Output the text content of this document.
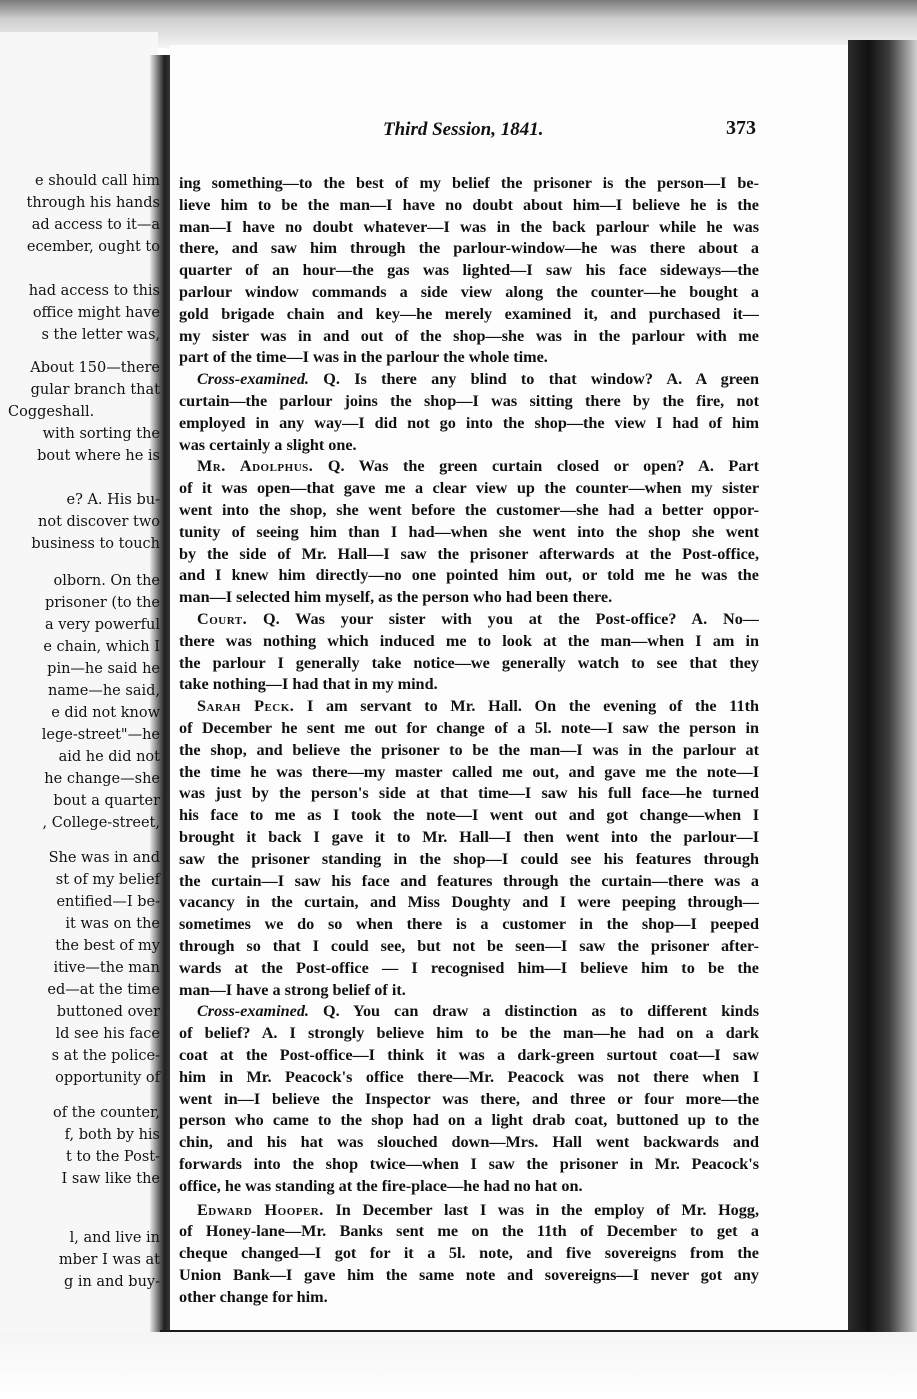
Third Session, 1841.	373
ing something—to the best of my belief the prisoner is the person—I be-
lieve him to be the man—I have no doubt about him—I believe he is the
man—I have no doubt whatever—I was in the back parlour while he was
there, and saw him through the parlour-window—he was there about a
quarter of an hour—the gas was lighted—I saw his face sideways—the
parlour window commands a side view along the counter—he bought a
gold brigade chain and key—he merely examined it, and purchased it—
my sister was in and out of the shop—she was in the parlour with me
part of the time—I was in the parlour the whole time.
Cross-examined. Q. Is there any blind to that window? A. A green
curtain—the parlour joins the shop—I was sitting there by the fire, not
employed in any way—I did not go into the shop—the view I had of him
was certainly a slight one.
Mr. Adolphus. Q. Was the green curtain closed or open? A. Part
of it was open—that gave me a clear view up the counter—when my sister
went into the shop, she went before the customer—she had a better oppor-
tunity of seeing him than I had—when she went into the shop she went
by the side of Mr. Hall—I saw the prisoner afterwards at the Post-office,
and I knew him directly—no one pointed him out, or told me he was the
man—I selected him myself, as the person who had been there.
Court. Q. Was your sister with you at the Post-office? A. No—
there was nothing which induced me to look at the man—when I am in
the parlour I generally take notice—we generally watch to see that they
take nothing—I had that in my mind.
Sarah Peck. I am servant to Mr. Hall. On the evening of the 11th
of December he sent me out for change of a 5l. note—I saw the person in
the shop, and believe the prisoner to be the man—I was in the parlour at
the time he was there—my master called me out, and gave me the note—I
was just by the person's side at that time—I saw his full face—he turned
his face to me as I took the note—I went out and got change—when I
brought it back I gave it to Mr. Hall—I then went into the parlour—I
saw the prisoner standing in the shop—I could see his features through
the curtain—I saw his face and features through the curtain—there was a
vacancy in the curtain, and Miss Doughty and I were peeping through—
sometimes we do so when there is a customer in the shop—I peeped
through so that I could see, but not be seen—I saw the prisoner after-
wards at the Post-office — I recognised him—I believe him to be the
man—I have a strong belief of it.
Cross-examined. Q. You can draw a distinction as to different kinds
of belief? A. I strongly believe him to be the man—he had on a dark
coat at the Post-office—I think it was a dark-green surtout coat—I saw
him in Mr. Peacock's office there—Mr. Peacock was not there when I
went in—I believe the Inspector was there, and three or four more—the
person who came to the shop had on a light drab coat, buttoned up to the
chin, and his hat was slouched down—Mrs. Hall went backwards and
forwards into the shop twice—when I saw the prisoner in Mr. Peacock's
office, he was standing at the fire-place—he had no hat on.
Edward Hooper. In December last I was in the employ of Mr. Hogg,
of Honey-lane—Mr. Banks sent me on the 11th of December to get a
cheque changed—I got for it a 5l. note, and five sovereigns from the
Union Bank—I gave him the same note and sovereigns—I never got any
other change for him.
e should call him
through his hands
ad access to it—a
ecember, ought to
had access to this
office might have
s the letter was,
About 150—there
gular branch that
Coggeshall.
with sorting the
bout where he is
e? A. His bu-
not discover two
business to touch
olborn. On the
prisoner (to the
a very powerful
e chain, which I
pin—he said he
name—he said,
e did not know
lege-street"—he
aid he did not
he change—she
bout a quarter
, College-street,
She was in and
st of my belief
entified—I be-
it was on the
the best of my
itive—the man
ed—at the time
buttoned over
ld see his face
s at the police-
opportunity of
of the counter,
f, both by his
t to the Post-
I saw like the
l, and live in
mber I was at
g in and buy-
